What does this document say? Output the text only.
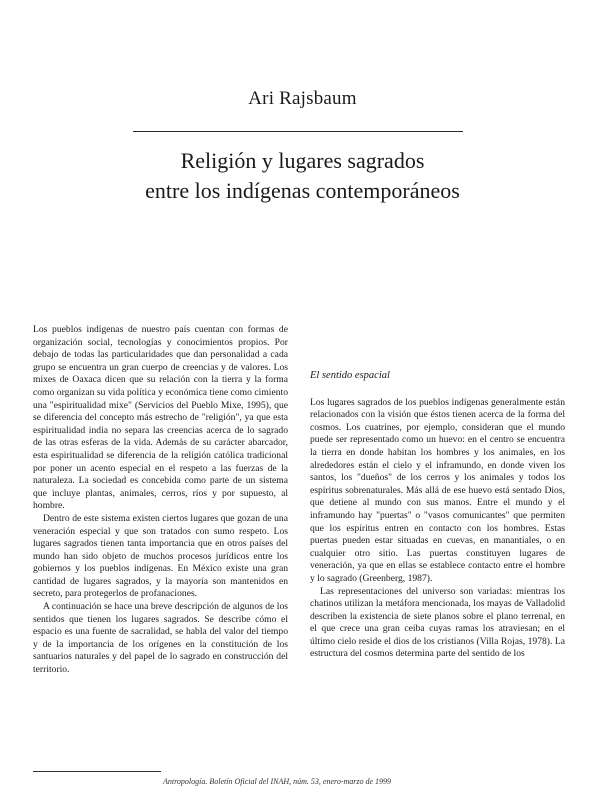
Ari Rajsbaum
Religión y lugares sagrados
entre los indígenas contemporáneos

Los pueblos indígenas de nuestro país cuentan con formas de organización social, tecnologías y conocimientos propios. Por debajo de todas las particularidades que dan personalidad a cada grupo se encuentra un gran cuerpo de creencias y de valores. Los mixes de Oaxaca dicen que su relación con la tierra y la forma como organizan su vida política y económica tiene como cimiento una "espiritualidad mixe" (Servicios del Pueblo Mixe, 1995), que se diferencia del concepto más estrecho de "religión", ya que esta espiritualidad india no separa las creencias acerca de lo sagrado de las otras esferas de la vida. Además de su carácter abarcador, esta espiritualidad se diferencia de la religión católica tradicional por poner un acento especial en el respeto a las fuerzas de la naturaleza. La sociedad es concebida como parte de un sistema que incluye plantas, animales, cerros, ríos y por supuesto, al hombre.

Dentro de este sistema existen ciertos lugares que gozan de una veneración especial y que son tratados con sumo respeto. Los lugares sagrados tienen tanta importancia que en otros países del mundo han sido objeto de muchos procesos jurídicos entre los gobiernos y los pueblos indígenas. En México existe una gran cantidad de lugares sagrados, y la mayoría son mantenidos en secreto, para protegerlos de profanaciones.

A continuación se hace una breve descripción de algunos de los sentidos que tienen los lugares sagrados. Se describe cómo el espacio es una fuente de sacralidad, se habla del valor del tiempo y de la importancia de los orígenes en la constitución de los santuarios naturales y del papel de lo sagrado en construcción del territorio.

El sentido espacial

Los lugares sagrados de los pueblos indígenas generalmente están relacionados con la visión que éstos tienen acerca de la forma del cosmos. Los cuatrines, por ejemplo, consideran que el mundo puede ser representado como un huevo: en el centro se encuentra la tierra en donde habitan los hombres y los animales, en los alrededores están el cielo y el inframundo, en donde viven los santos, los "dueños" de los cerros y los animales y todos los espíritus sobrenaturales. Más allá de ese huevo está sentado Dios, que detiene al mundo con sus manos. Entre el mundo y el inframundo hay "puertas" o "vasos comunicantes" que permiten que los espíritus entren en contacto con los hombres. Estas puertas pueden estar situadas en cuevas, en manantiales, o en cualquier otro sitio. Las puertas constituyen lugares de veneración, ya que en ellas se establece contacto entre el hombre y lo sagrado (Greenberg, 1987).

Las representaciones del universo son variadas: mientras los chatinos utilizan la metáfora mencionada, los mayas de Valladolid describen la existencia de siete planos sobre el plano terrenal, en el que crece una gran ceiba cuyas ramas los atraviesan; en el último cielo reside el dios de los cristianos (Villa Rojas, 1978). La estructura del cosmos determina parte del sentido de los

Antropología. Boletín Oficial del INAH, núm. 53, enero-marzo de 1999
